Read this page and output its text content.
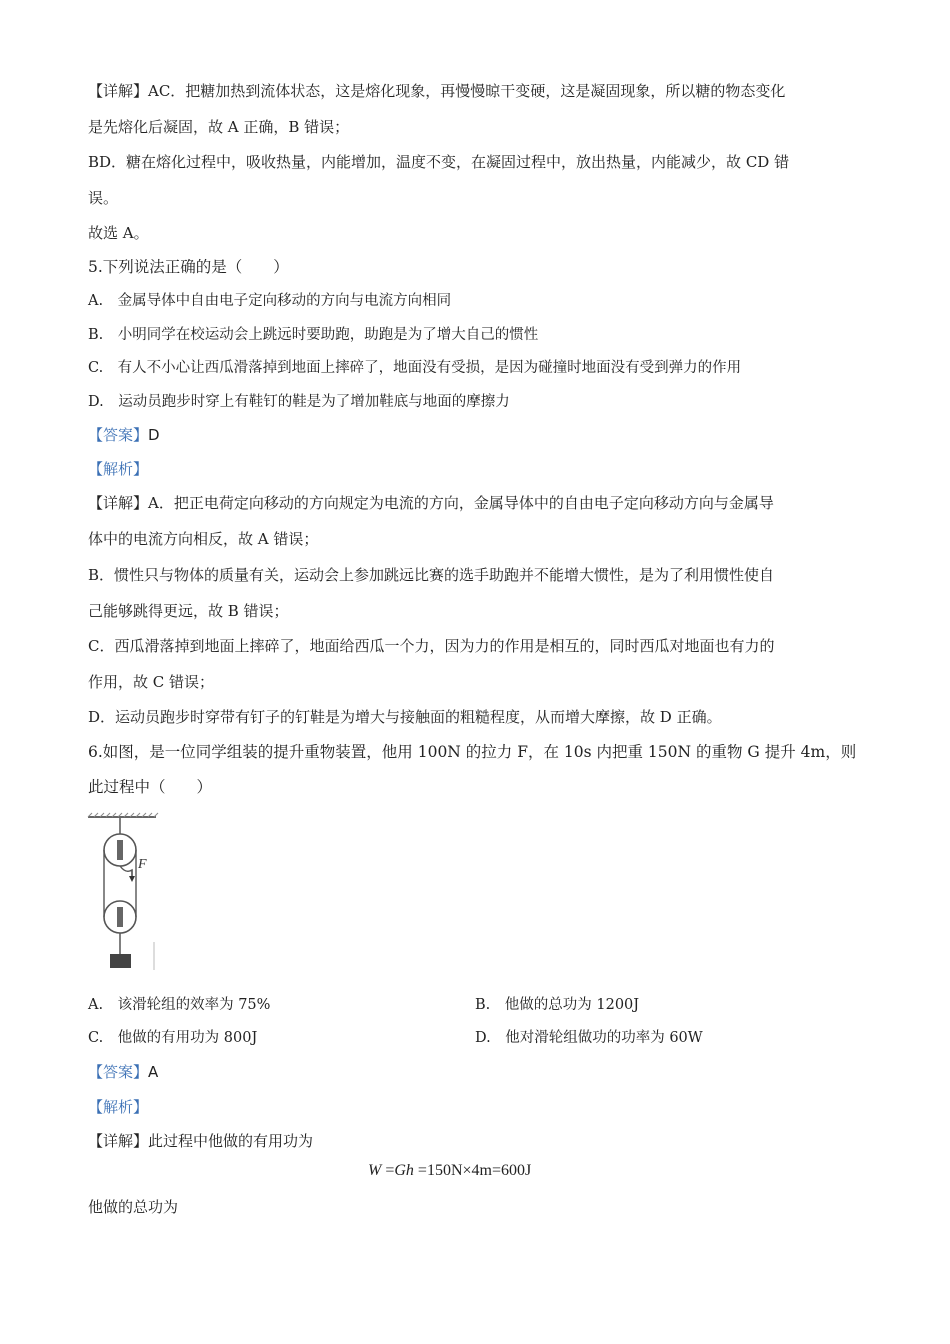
【详解】AC．把糖加热到流体状态，这是熔化现象，再慢慢晾干变硬，这是凝固现象，所以糖的物态变化
是先熔化后凝固，故 A 正确，B 错误；
BD．糖在熔化过程中，吸收热量，内能增加，温度不变，在凝固过程中，放出热量，内能减少，故 CD 错
误。
故选 A。
5.下列说法正确的是（　　）
A.　金属导体中自由电子定向移动的方向与电流方向相同
B.　小明同学在校运动会上跳远时要助跑，助跑是为了增大自己的惯性
C.　有人不小心让西瓜滑落掉到地面上摔碎了，地面没有受损，是因为碰撞时地面没有受到弹力的作用
D.　运动员跑步时穿上有鞋钉的鞋是为了增加鞋底与地面的摩擦力
【答案】D
【解析】
【详解】A．把正电荷定向移动的方向规定为电流的方向，金属导体中的自由电子定向移动方向与金属导
体中的电流方向相反，故 A 错误；
B．惯性只与物体的质量有关，运动会上参加跳远比赛的选手助跑并不能增大惯性，是为了利用惯性使自
己能够跳得更远，故 B 错误；
C．西瓜滑落掉到地面上摔碎了，地面给西瓜一个力，因为力的作用是相互的，同时西瓜对地面也有力的
作用，故 C 错误；
D．运动员跑步时穿带有钉子的钉鞋是为增大与接触面的粗糙程度，从而增大摩擦，故 D 正确。
6.如图，是一位同学组装的提升重物装置，他用 100N 的拉力 F，在 10s 内把重 150N 的重物 G 提升 4m，则
此过程中（　　）
F
A.　该滑轮组的效率为 75%	B.　他做的总功为 1200J
C.　他做的有用功为 800J	D.　他对滑轮组做功的功率为 60W
【答案】A
【解析】
【详解】此过程中他做的有用功为
W =Gh =150N×4m=600J
他做的总功为
